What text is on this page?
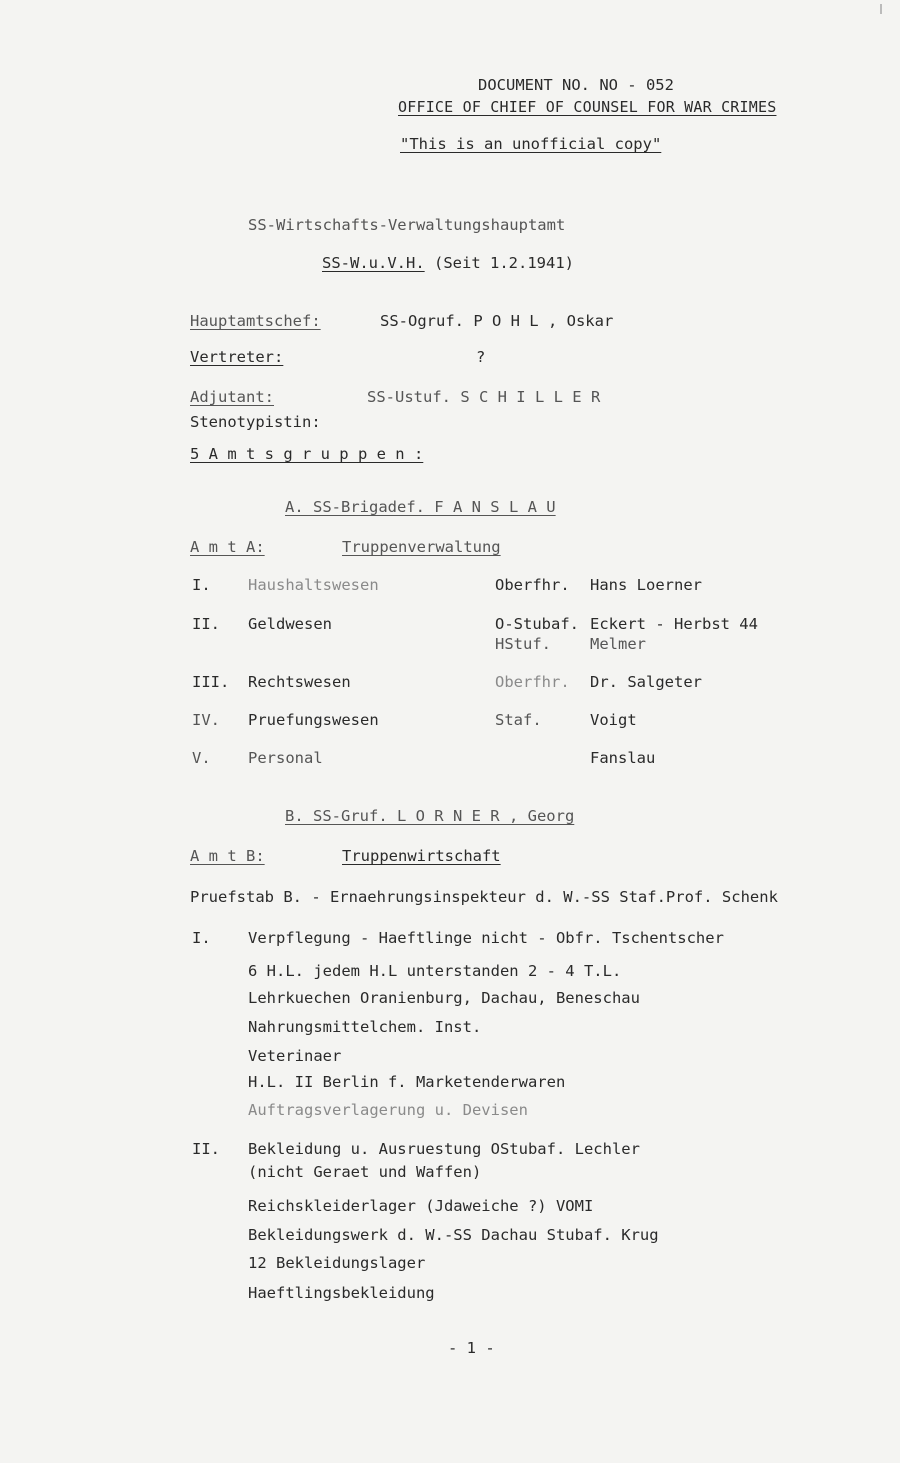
DOCUMENT NO. NO - 052
OFFICE OF CHIEF OF COUNSEL FOR WAR CRIMES
"This is an unofficial copy"
SS-Wirtschafts-Verwaltungshauptamt
SS-W.u.V.H. (Seit 1.2.1941)
Hauptamtschef:	SS-Ogruf. P O H L , Oskar
Vertreter:	?
Adjutant:	SS-Ustuf. S C H I L L E R
Stenotypistin:
5 A m t s g r u p p e n :
A. SS-Brigadef. F A N S L A U
A m t A:	Truppenverwaltung
I. Haushaltswesen	Oberfhr. Hans Loerner
II. Geldwesen	O-Stubaf. Eckert - Herbst 44
HStuf.	Melmer
III. Rechtswesen	Oberfhr. Dr. Salgeter
IV. Pruefungswesen	Staf.	Voigt
V. Personal	Fanslau
B. SS-Gruf. L O R N E R , Georg
A m t B:	Truppenwirtschaft
Pruefstab B. - Ernaehrungsinspekteur d. W.-SS Staf.Prof. Schenk
I. Verpflegung - Haeftlinge nicht - Obfr. Tschentscher
6 H.L. jedem H.L unterstanden 2 - 4 T.L.
Lehrkuechen Oranienburg, Dachau, Beneschau
Nahrungsmittelchem. Inst.
Veterinaer
H.L. II Berlin f. Marketenderwaren
Auftragsverlagerung u. Devisen
II. Bekleidung u. Ausruestung OStubaf. Lechler
(nicht Geraet und Waffen)
Reichskleiderlager (Jdaweiche ?) VOMI
Bekleidungswerk d. W.-SS Dachau Stubaf. Krug
12 Bekleidungslager
Haeftlingsbekleidung
- 1 -
